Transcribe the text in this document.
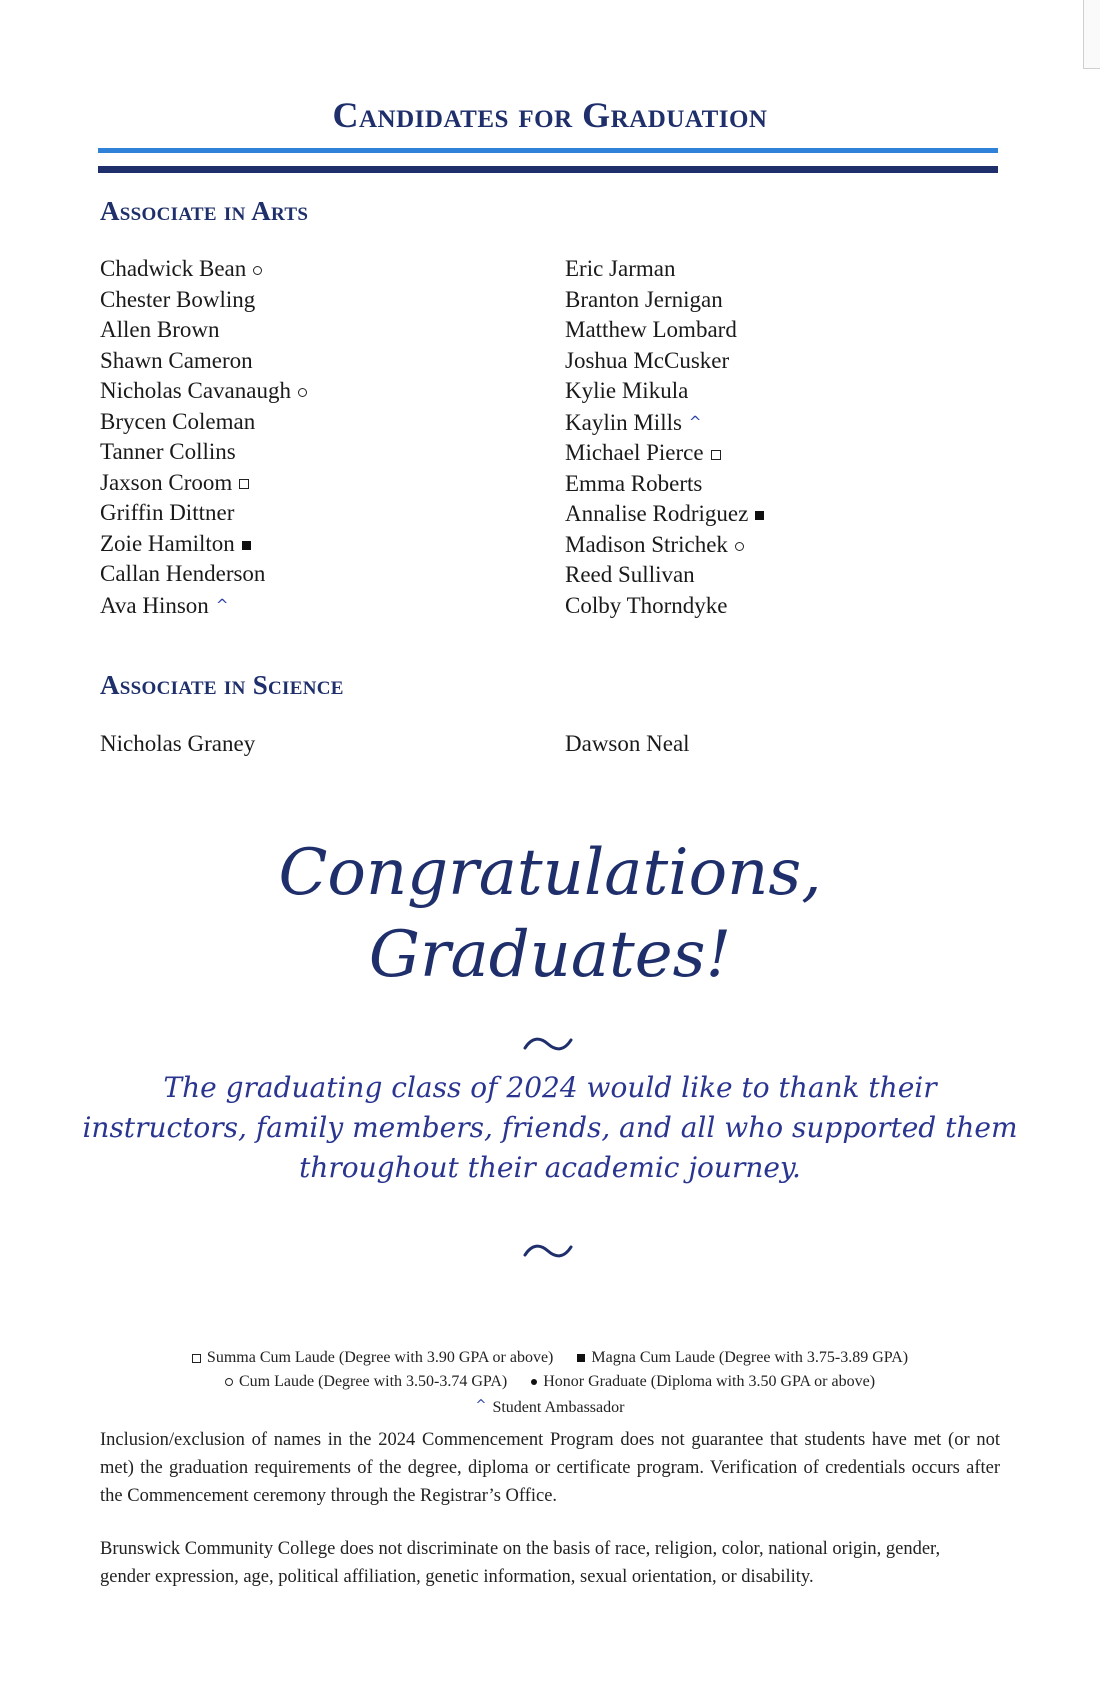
Candidates for Graduation
Associate in Arts
Chadwick Bean
Chester Bowling
Allen Brown
Shawn Cameron
Nicholas Cavanaugh
Brycen Coleman
Tanner Collins
Jaxson Croom
Griffin Dittner
Zoie Hamilton
Callan Henderson
Ava Hinson ^
Eric Jarman
Branton Jernigan
Matthew Lombard
Joshua McCusker
Kylie Mikula
Kaylin Mills ^
Michael Pierce
Emma Roberts
Annalise Rodriguez
Madison Strichek
Reed Sullivan
Colby Thorndyke
Associate in Science
Nicholas Graney	Dawson Neal
Congratulations,
Graduates!

The graduating class of 2024 would like to thank their instructors, family members, friends, and all who supported them throughout their academic journey.

Summa Cum Laude (Degree with 3.90 GPA or above) Magna Cum Laude (Degree with 3.75-3.89 GPA)
Cum Laude (Degree with 3.50-3.74 GPA) Honor Graduate (Diploma with 3.50 GPA or above)
^ Student Ambassador

Inclusion/exclusion of names in the 2024 Commencement Program does not guarantee that students have met (or not met) the graduation requirements of the degree, diploma or certificate program. Verification of credentials occurs after the Commencement ceremony through the Registrar’s Office.

Brunswick Community College does not discriminate on the basis of race, religion, color, national origin, gender, gender expression, age, political affiliation, genetic information, sexual orientation, or disability.
